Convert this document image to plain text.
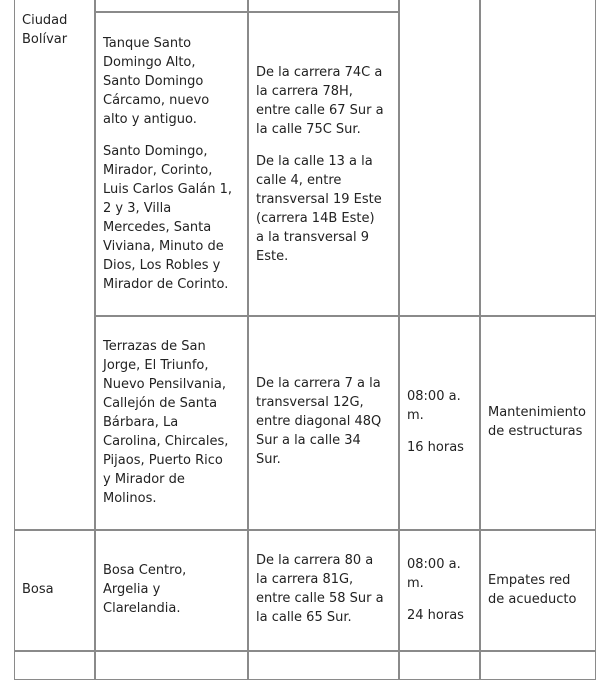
Ciudad
Bolívar
Bosa

Tanque Santo
Domingo Alto,
Santo Domingo
Cárcamo, nuevo
alto y antiguo.

Santo Domingo,
Mirador, Corinto,
Luis Carlos Galán 1,
2 y 3, Villa
Mercedes, Santa
Viviana, Minuto de
Dios, Los Robles y
Mirador de Corinto.

De la carrera 74C a
la carrera 78H,
entre calle 67 Sur a
la calle 75C Sur.

De la calle 13 a la
calle 4, entre
transversal 19 Este
(carrera 14B Este)
a la transversal 9
Este.

Terrazas de San
Jorge, El Triunfo,
Nuevo Pensilvania,
Callejón de Santa
Bárbara, La
Carolina, Chircales,
Pijaos, Puerto Rico
y Mirador de
Molinos.

De la carrera 7 a la
transversal 12G,
entre diagonal 48Q
Sur a la calle 34
Sur.

08:00 a.
m.

16 horas

Mantenimiento
de estructuras

Bosa Centro,
Argelia y
Clarelandia.

De la carrera 80 a
la carrera 81G,
entre calle 58 Sur a
la calle 65 Sur.

08:00 a.
m.

24 horas

Empates red
de acueducto
